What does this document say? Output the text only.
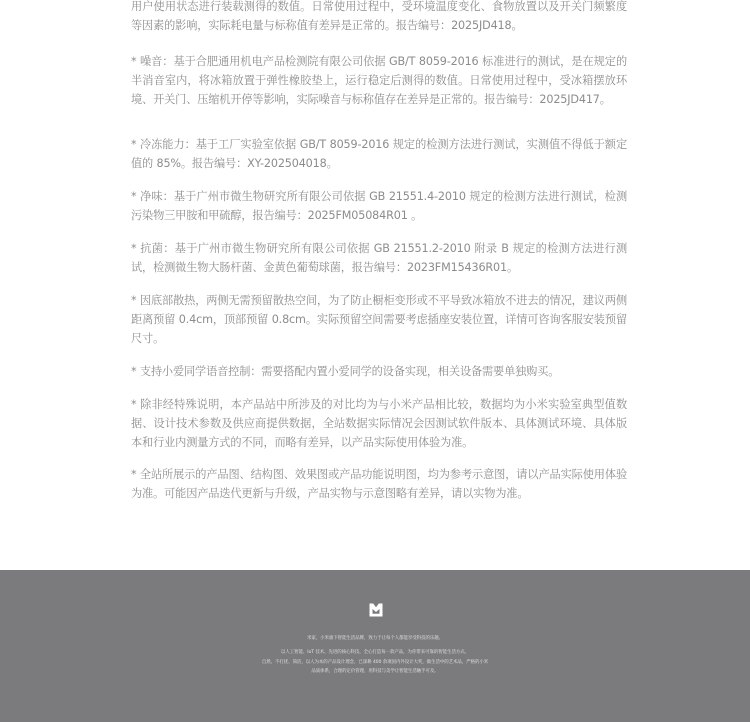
用户使用状态进行装载测得的数值。日常使用过程中，受环境温度变化、食物放置以及开关门频繁度等因素的影响，实际耗电量与标称值有差异是正常的。报告编号：2025JD418。

* 噪音：基于合肥通用机电产品检测院有限公司依据 GB/T 8059-2016 标准进行的测试，是在规定的半消音室内，将冰箱放置于弹性橡胶垫上，运行稳定后测得的数值。日常使用过程中，受冰箱摆放环境、开关门、压缩机开停等影响，实际噪音与标称值存在差异是正常的。报告编号：2025JD417。

* 冷冻能力：基于工厂实验室依据 GB/T 8059-2016 规定的检测方法进行测试，实测值不得低于额定值的 85%。报告编号：XY-202504018。

* 净味：基于广州市微生物研究所有限公司依据 GB 21551.4-2010 规定的检测方法进行测试，检测污染物三甲胺和甲硫醇，报告编号：2025FM05084R01 。

* 抗菌：基于广州市微生物研究所有限公司依据 GB 21551.2-2010 附录 B 规定的检测方法进行测试，检测微生物大肠杆菌、金黄色葡萄球菌，报告编号：2023FM15436R01。

* 因底部散热，两侧无需预留散热空间，为了防止橱柜变形或不平导致冰箱放不进去的情况，建议两侧距离预留 0.4cm，顶部预留 0.8cm。实际预留空间需要考虑插座安装位置，详情可咨询客服安装预留尺寸。

* 支持小爱同学语音控制：需要搭配内置小爱同学的设备实现，相关设备需要单独购买。

* 除非经特殊说明，本产品站中所涉及的对比均为与小米产品相比较，数据均为小米实验室典型值数据、设计技术参数及供应商提供数据，全站数据实际情况会因测试软件版本、具体测试环境、具体版本和行业内测量方式的不同，而略有差异，以产品实际使用体验为准。

* 全站所展示的产品图、结构图、效果图或产品功能说明图，均为参考示意图，请以产品实际使用体验为准。可能因产品迭代更新与升级，产品实物与示意图略有差异，请以实物为准。

米家，小米旗下智能生活品牌，致力于让每个人都能享受科技的乐趣。

以人工智能、IoT 技术、先进的核心科技，全心打造每一款产品，为你带来可靠的智能生活方式。

自然、不打扰、简洁，以人为本的产品设计理念，已深耕 400 余项国内外设计大奖，做生活中的艺术品，严格的小米

品质体系，合理的定价管理，用科技与美学让智能生活触手可及。
